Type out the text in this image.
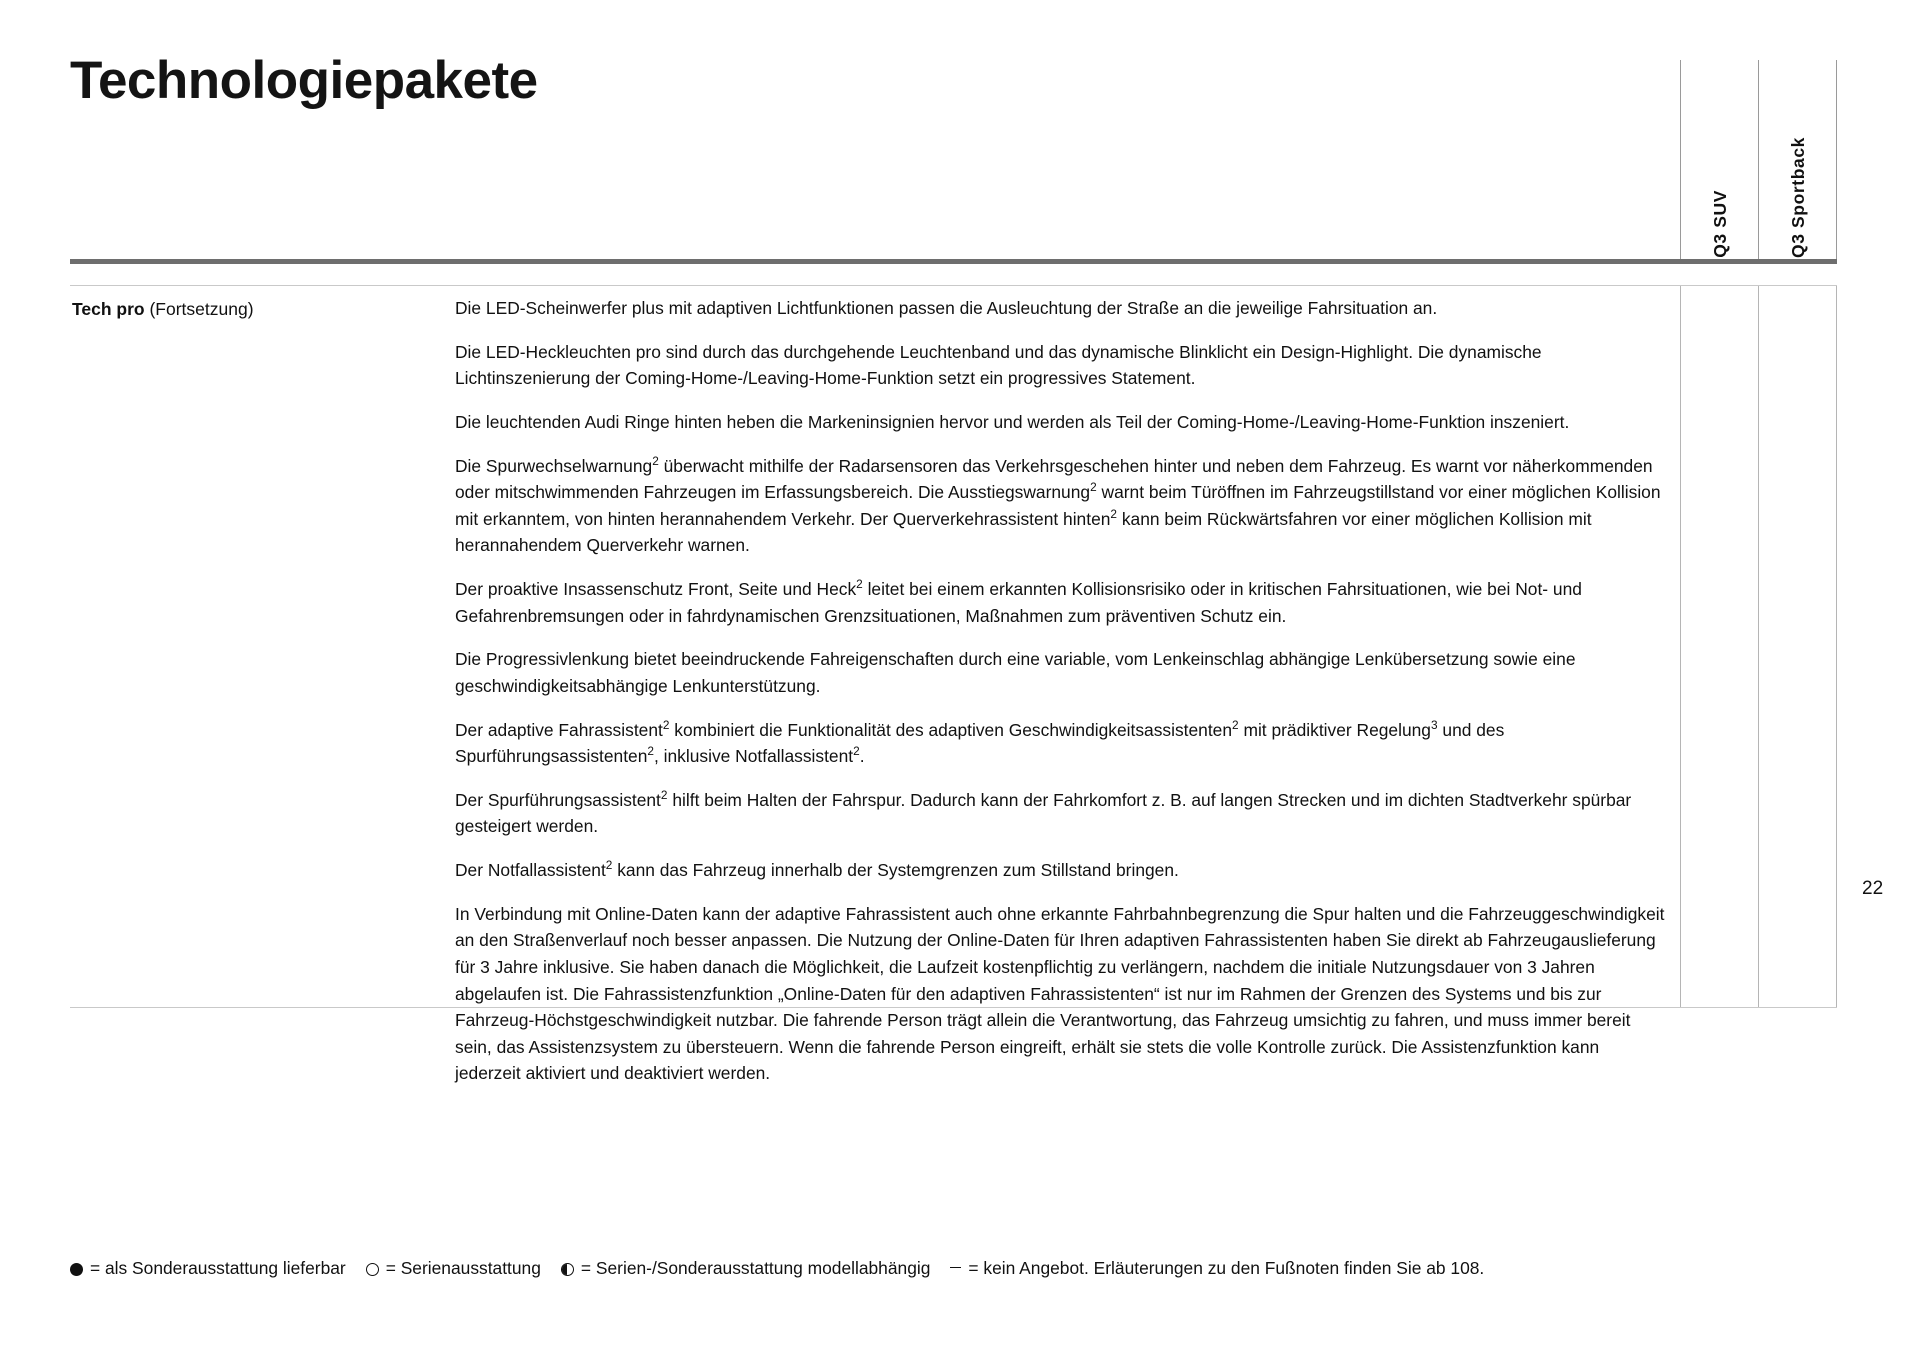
Technologiepakete
Q3 SUV	Q3 Sportback
Tech pro (Fortsetzung)	Die LED-Scheinwerfer plus mit adaptiven Lichtfunktionen passen die Ausleuchtung der Straße an die jeweilige Fahrsituation an.

Die LED-Heckleuchten pro sind durch das durchgehende Leuchtenband und das dynamische Blinklicht ein Design-Highlight. Die dynamische Lichtinszenierung der Coming-Home-/Leaving-Home-Funktion setzt ein progressives Statement.

Die leuchtenden Audi Ringe hinten heben die Markeninsignien hervor und werden als Teil der Coming-Home-/Leaving-Home-Funktion inszeniert.

Die Spurwechselwarnung$^2$ überwacht mithilfe der Radarsensoren das Verkehrsgeschehen hinter und neben dem Fahrzeug. Es warnt vor näherkommenden oder mitschwimmenden Fahrzeugen im Erfassungsbereich. Die Ausstiegswarnung$^2$ warnt beim Türöffnen im Fahrzeugstillstand vor einer möglichen Kollision mit erkanntem, von hinten herannahendem Verkehr. Der Querverkehrassistent hinten$^2$ kann beim Rückwärtsfahren vor einer möglichen Kollision mit herannahendem Querverkehr warnen.

Der proaktive Insassenschutz Front, Seite und Heck$^2$ leitet bei einem erkannten Kollisionsrisiko oder in kritischen Fahrsituationen, wie bei Not- und Gefahrenbremsungen oder in fahrdynamischen Grenzsituationen, Maßnahmen zum präventiven Schutz ein.

Die Progressivlenkung bietet beeindruckende Fahreigenschaften durch eine variable, vom Lenkeinschlag abhängige Lenkübersetzung sowie eine geschwindigkeitsabhängige Lenkunterstützung.

Der adaptive Fahrassistent$^2$ kombiniert die Funktionalität des adaptiven Geschwindigkeitsassistenten$^2$ mit prädiktiver Regelung$^3$ und des Spurführungsassistenten$^2$, inklusive Notfallassistent$^2$.

Der Spurführungsassistent$^2$ hilft beim Halten der Fahrspur. Dadurch kann der Fahrkomfort z. B. auf langen Strecken und im dichten Stadtverkehr spürbar gesteigert werden.

Der Notfallassistent$^2$ kann das Fahrzeug innerhalb der Systemgrenzen zum Stillstand bringen.

In Verbindung mit Online-Daten kann der adaptive Fahrassistent auch ohne erkannte Fahrbahnbegrenzung die Spur halten und die Fahrzeuggeschwindigkeit an den Straßenverlauf noch besser anpassen. Die Nutzung der Online-Daten für Ihren adaptiven Fahrassistenten haben Sie direkt ab Fahrzeugauslieferung für 3 Jahre inklusive. Sie haben danach die Möglichkeit, die Laufzeit kostenpflichtig zu verlängern, nachdem die initiale Nutzungsdauer von 3 Jahren abgelaufen ist. Die Fahrassistenzfunktion „Online-Daten für den adaptiven Fahrassistenten“ ist nur im Rahmen der Grenzen des Systems und bis zur Fahrzeug-Höchstgeschwindigkeit nutzbar. Die fahrende Person trägt allein die Verantwortung, das Fahrzeug umsichtig zu fahren, und muss immer bereit sein, das Assistenzsystem zu übersteuern. Wenn die fahrende Person eingreift, erhält sie stets die volle Kontrolle zurück. Die Assistenzfunktion kann jederzeit aktiviert und deaktiviert werden.

22
= als Sonderausstattung lieferbar = Serienausstattung = Serien-/Sonderausstattung modellabhängig = kein Angebot. Erläuterungen zu den Fußnoten finden Sie ab 108.
